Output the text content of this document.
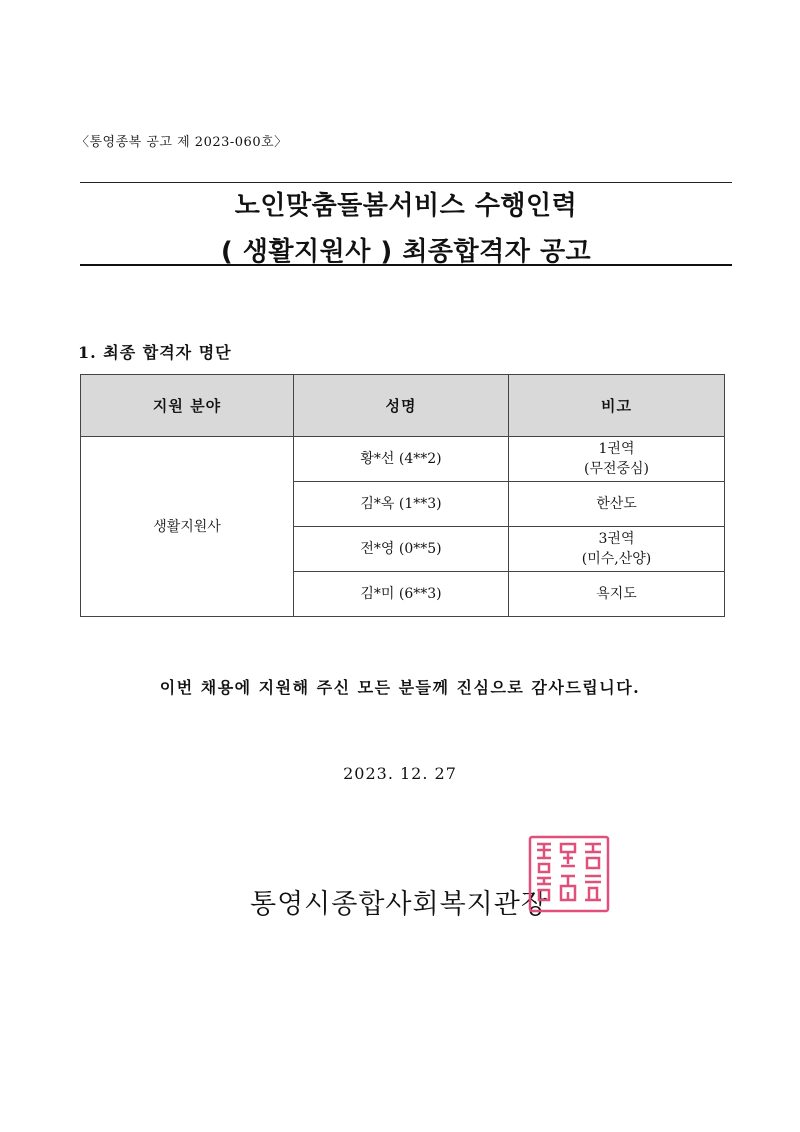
〈통영종복 공고 제 2023-060호〉
노인맞춤돌봄서비스 수행인력
( 생활지원사 ) 최종합격자 공고
1. 최종 합격자 명단
지원 분야	성명	비고
생활지원사	황*선 (4**2)	1권역
(무전중심)

	김*옥 (1**3)	한산도
	전*영 (0**5)	3권역
(미수,산양)

	김*미 (6**3)	욕지도
이번 채용에 지원해 주신 모든 분들께 진심으로 감사드립니다.
2023. 12. 27
통영시종합사회복지관장
